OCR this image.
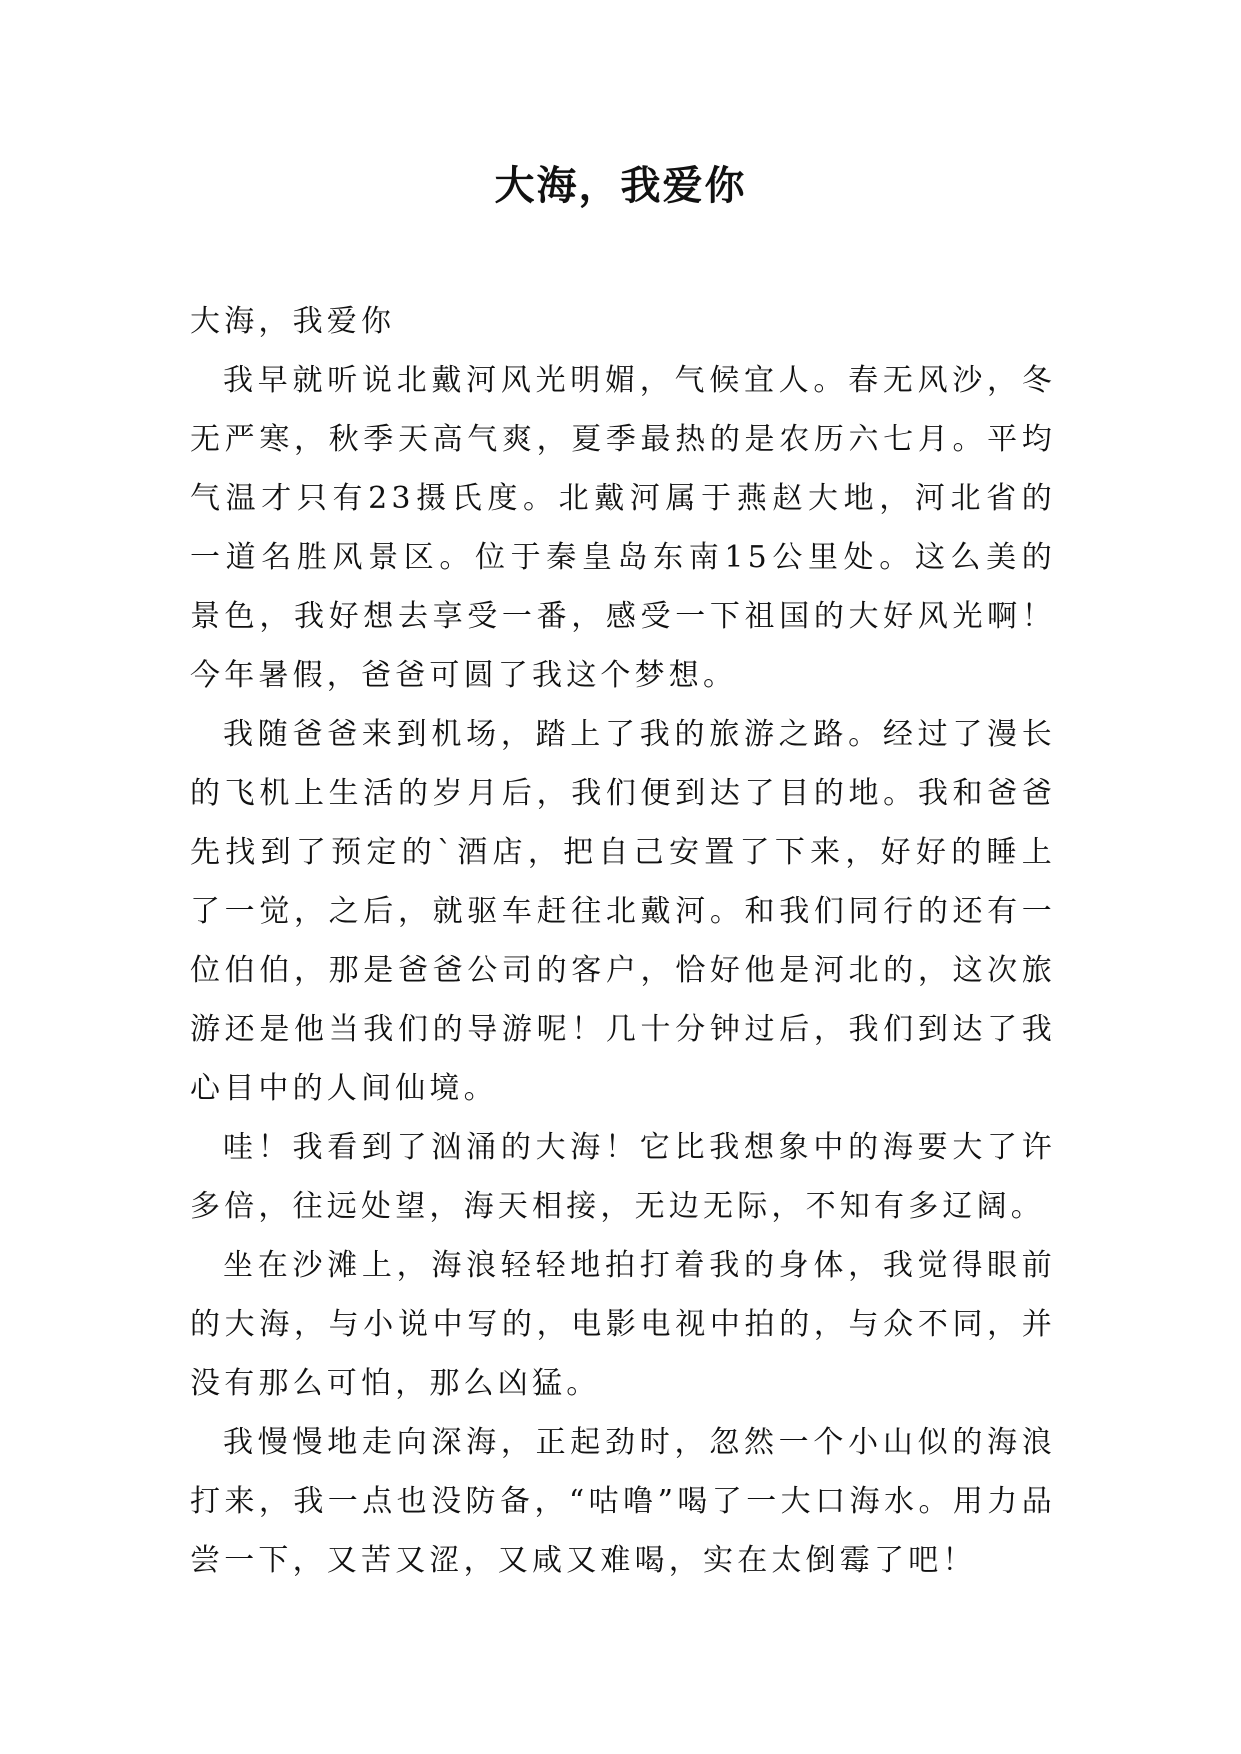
大海，我爱你

大海，我爱你

我早就听说北戴河风光明媚，气候宜人。春无风沙，冬无严寒，秋季天高气爽，夏季最热的是农历六七月。平均气温才只有23摄氏度。北戴河属于燕赵大地，河北省的一道名胜风景区。位于秦皇岛东南15公里处。这么美的景色，我好想去享受一番，感受一下祖国的大好风光啊！今年暑假，爸爸可圆了我这个梦想。

我随爸爸来到机场，踏上了我的旅游之路。经过了漫长的飞机上生活的岁月后，我们便到达了目的地。我和爸爸先找到了预定的`酒店，把自己安置了下来，好好的睡上了一觉，之后，就驱车赶往北戴河。和我们同行的还有一位伯伯，那是爸爸公司的客户，恰好他是河北的，这次旅游还是他当我们的导游呢！几十分钟过后，我们到达了我心目中的人间仙境。

哇！我看到了汹涌的大海！它比我想象中的海要大了许多倍，往远处望，海天相接，无边无际，不知有多辽阔。

坐在沙滩上，海浪轻轻地拍打着我的身体，我觉得眼前的大海，与小说中写的，电影电视中拍的，与众不同，并没有那么可怕，那么凶猛。

我慢慢地走向深海，正起劲时，忽然一个小山似的海浪打来，我一点也没防备，“咕噜”喝了一大口海水。用力品尝一下，又苦又涩，又咸又难喝，实在太倒霉了吧！
